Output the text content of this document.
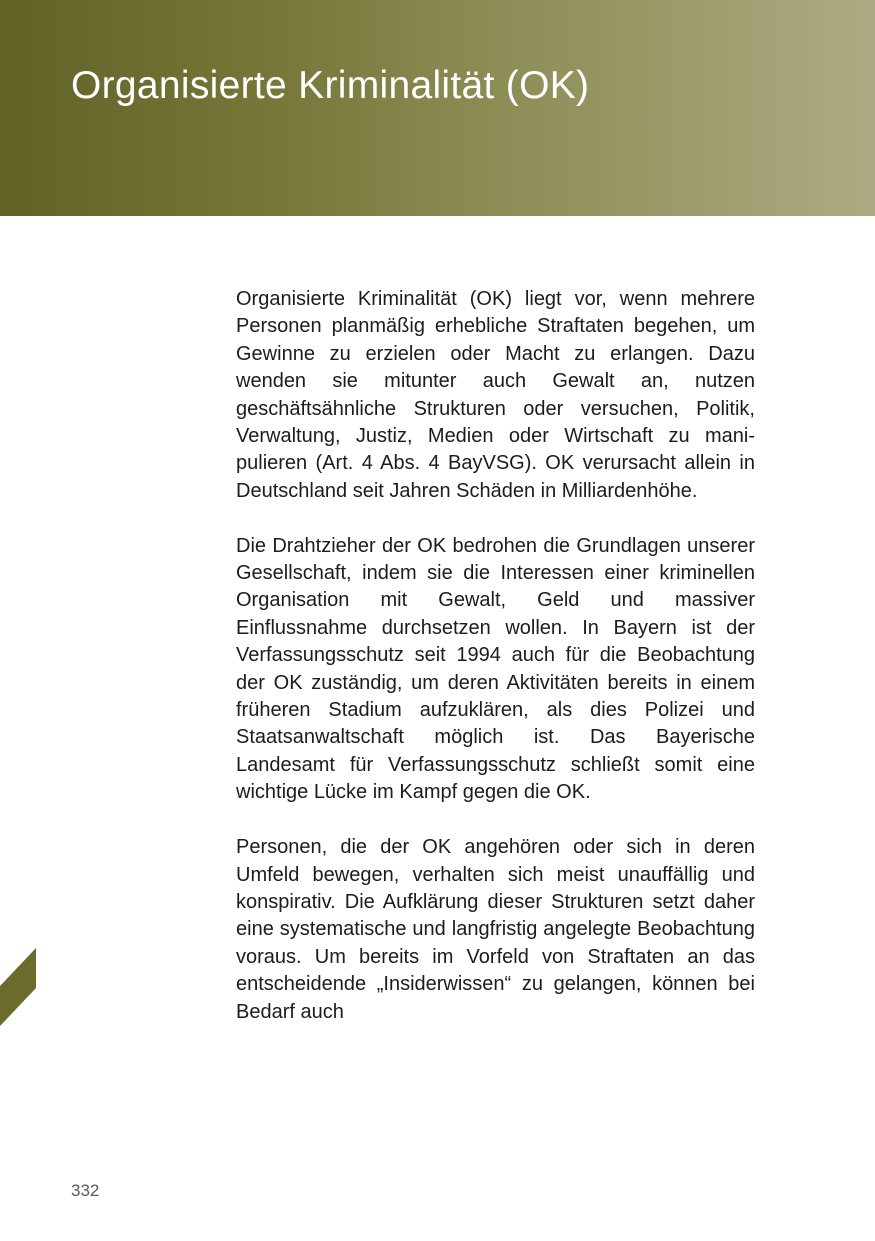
Organisierte Kriminalität (OK)

Organisierte Kriminalität (OK) liegt vor, wenn mehrere Personen planmäßig erhebliche Straftaten begehen, um Gewinne zu erzielen oder Macht zu erlangen. Dazu wenden sie mitunter auch Gewalt an, nutzen geschäftsähnliche Strukturen oder versuchen, Politik, Verwaltung, Justiz, Medien oder Wirtschaft zu manipulieren (Art. 4 Abs. 4 BayVSG). OK verursacht allein in Deutschland seit Jahren Schäden in Milliardenhöhe.

Die Drahtzieher der OK bedrohen die Grundlagen unserer Gesellschaft, indem sie die Interessen einer kriminellen Organisation mit Gewalt, Geld und massiver Einflussnahme durchsetzen wollen. In Bayern ist der Verfassungsschutz seit 1994 auch für die Beobachtung der OK zuständig, um deren Aktivitäten bereits in einem früheren Stadium aufzuklären, als dies Polizei und Staatsanwaltschaft möglich ist. Das Bayerische Landesamt für Verfassungsschutz schließt somit eine wichtige Lücke im Kampf gegen die OK.

Personen, die der OK angehören oder sich in deren Umfeld bewegen, verhalten sich meist unauffällig und konspirativ. Die Aufklärung dieser Strukturen setzt daher eine systematische und langfristig angelegte Beobachtung voraus. Um bereits im Vorfeld von Straftaten an das entscheidende „Insiderwissen“ zu gelangen, können bei Bedarf auch

332
